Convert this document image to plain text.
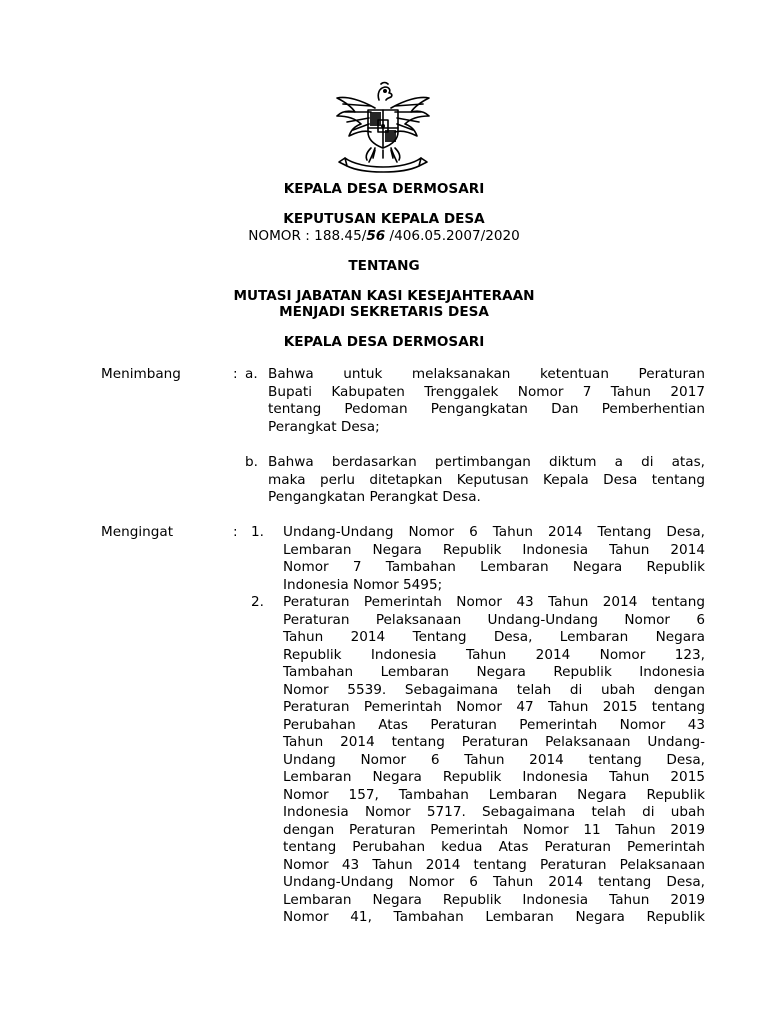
KEPALA DESA DERMOSARI
KEPUTUSAN KEPALA DESA
NOMOR : 188.45/56 /406.05.2007/2020
TENTANG
MUTASI JABATAN KASI KESEJAHTERAAN
MENJADI SEKRETARIS DESA
KEPALA DESA DERMOSARI
Menimbang	: a. Bahwa untuk melaksanakan ketentuan Peraturan
Bupati Kabupaten Trenggalek Nomor 7 Tahun 2017
tentang Pedoman Pengangkatan Dan Pemberhentian
Perangkat Desa;
b. Bahwa berdasarkan pertimbangan diktum a di atas,
maka perlu ditetapkan Keputusan Kepala Desa tentang
Pengangkatan Perangkat Desa.
Mengingat	: 1. Undang-Undang Nomor 6 Tahun 2014 Tentang Desa,
Lembaran Negara Republik Indonesia Tahun 2014
Nomor 7 Tambahan Lembaran Negara Republik
Indonesia Nomor 5495;
2. Peraturan Pemerintah Nomor 43 Tahun 2014 tentang
Peraturan Pelaksanaan Undang-Undang Nomor 6
Tahun 2014 Tentang Desa, Lembaran Negara
Republik Indonesia Tahun 2014 Nomor 123,
Tambahan Lembaran Negara Republik Indonesia
Nomor 5539. Sebagaimana telah di ubah dengan
Peraturan Pemerintah Nomor 47 Tahun 2015 tentang
Perubahan Atas Peraturan Pemerintah Nomor 43
Tahun 2014 tentang Peraturan Pelaksanaan Undang-
Undang Nomor 6 Tahun 2014 tentang Desa,
Lembaran Negara Republik Indonesia Tahun 2015
Nomor 157, Tambahan Lembaran Negara Republik
Indonesia Nomor 5717. Sebagaimana telah di ubah
dengan Peraturan Pemerintah Nomor 11 Tahun 2019
tentang Perubahan kedua Atas Peraturan Pemerintah
Nomor 43 Tahun 2014 tentang Peraturan Pelaksanaan
Undang-Undang Nomor 6 Tahun 2014 tentang Desa,
Lembaran Negara Republik Indonesia Tahun 2019
Nomor 41, Tambahan Lembaran Negara Republik
